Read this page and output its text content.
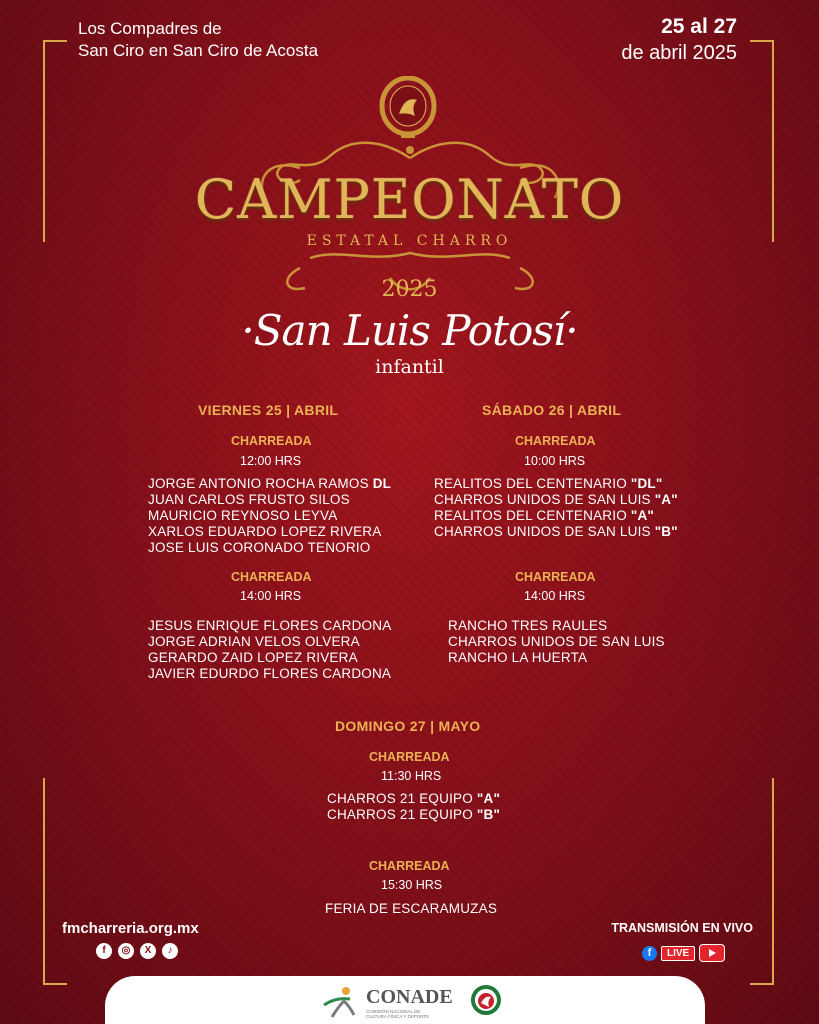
Los Compadres de
San Ciro en San Ciro de Acosta
25 al 27
de abril 2025
CAMPEONATO
ESTATAL CHARRO
2025
·San Luis Potosí·
infantil
VIERNES 25 | ABRIL
CHARREADA
12:00 HRS
JORGE ANTONIO ROCHA RAMOS DL
JUAN CARLOS FRUSTO SILOS
MAURICIO REYNOSO LEYVA
XARLOS EDUARDO LOPEZ RIVERA
JOSE LUIS CORONADO TENORIO
CHARREADA
14:00 HRS
JESUS ENRIQUE FLORES CARDONA
JORGE ADRIAN VELOS OLVERA
GERARDO ZAID LOPEZ RIVERA
JAVIER EDURDO FLORES CARDONA
SÁBADO 26 | ABRIL
CHARREADA
10:00 HRS
REALITOS DEL CENTENARIO "DL"
CHARROS UNIDOS DE SAN LUIS "A"
REALITOS DEL CENTENARIO "A"
CHARROS UNIDOS DE SAN LUIS "B"
CHARREADA
14:00 HRS
RANCHO TRES RAULES
CHARROS UNIDOS DE SAN LUIS
RANCHO LA HUERTA
DOMINGO 27 | MAYO
CHARREADA
11:30 HRS
CHARROS 21 EQUIPO "A"
CHARROS 21 EQUIPO "B"
CHARREADA
15:30 HRS
FERIA DE ESCARAMUZAS
fmcharreria.org.mx
f	◎	X	♪
TRANSMISIÓN EN VIVO
f	LIVE
CONADE
COMISIÓN NACIONAL DE
CULTURA FÍSICA Y DEPORTE
